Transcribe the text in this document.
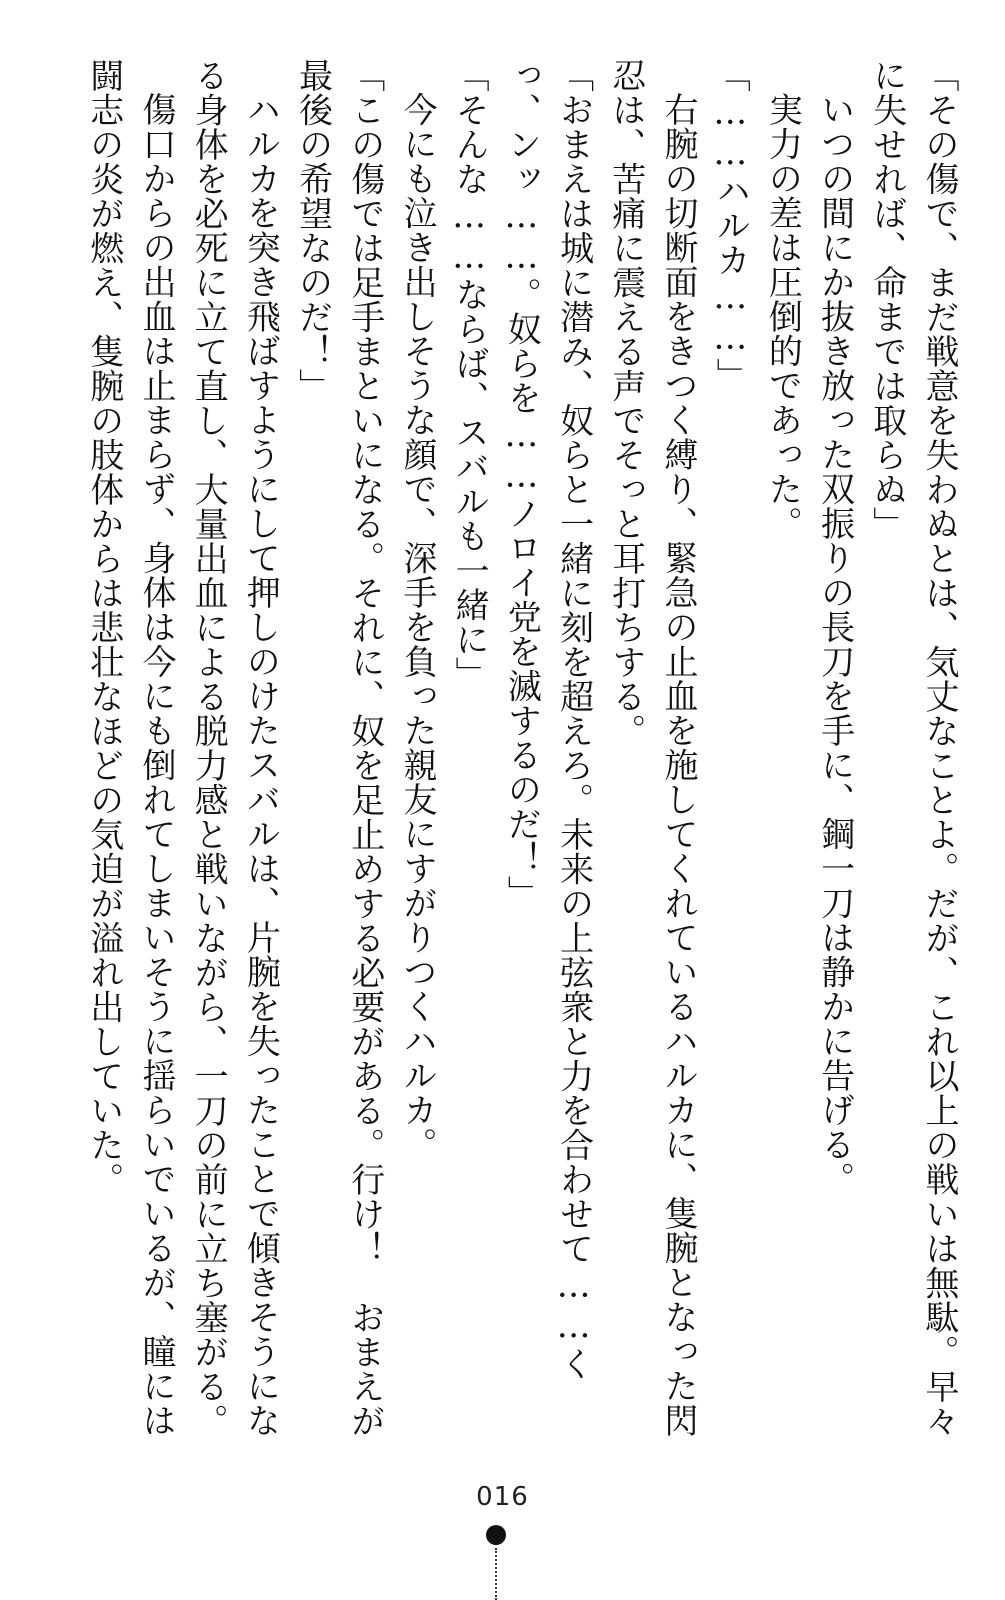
「その傷で、まだ戦意を失わぬとは、気丈なことよ。だが、これ以上の戦いは無駄。早々に失せれば、命までは取らぬ」

いつの間にか抜き放った双振りの長刀を手に、鋼一刀は静かに告げる。

実力の差は圧倒的であった。

「……ハルカ……」

右腕の切断面をきつく縛り、緊急の止血を施してくれているハルカに、隻腕となった閃忍は、苦痛に震える声でそっと耳打ちする。

「おまえは城に潜み、奴らと一緒に刻を超えろ。未来の上弦衆と力を合わせて……くっ、ンッ……。奴らを……ノロイ党を滅するのだ！」

「そんな……ならば、スバルも一緒に」

今にも泣き出しそうな顔で、深手を負った親友にすがりつくハルカ。

「この傷では足手まといになる。それに、奴を足止めする必要がある。行け！　おまえが最後の希望なのだ！」

ハルカを突き飛ばすようにして押しのけたスバルは、片腕を失ったことで傾きそうになる身体を必死に立て直し、大量出血による脱力感と戦いながら、一刀の前に立ち塞がる。

傷口からの出血は止まらず、身体は今にも倒れてしまいそうに揺らいでいるが、瞳には闘志の炎が燃え、隻腕の肢体からは悲壮なほどの気迫が溢れ出していた。

016
